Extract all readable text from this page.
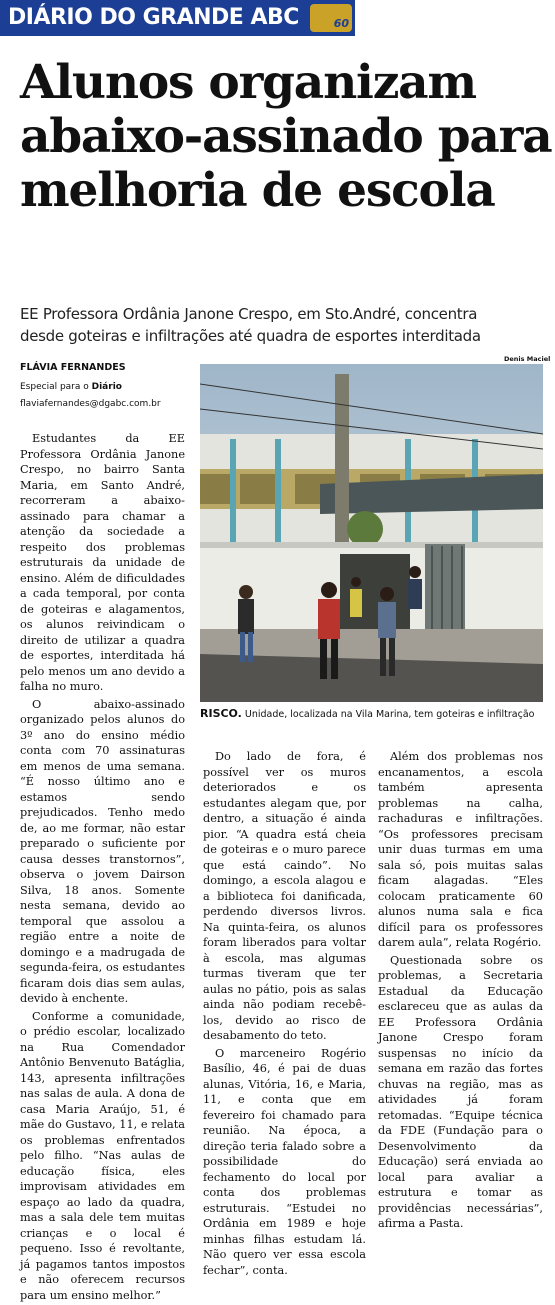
DIÁRIO DO GRANDE ABC	60
Alunos organizam
abaixo-assinado para
melhoria de escola
EE Professora Ordânia Janone Crespo, em Sto.André, concentra
desde goteiras e infiltrações até quadra de esportes interditada
FLÁVIA FERNANDES
Especial para o Diário
flaviafernandes@dgabc.com.br
Denis Maciel
RISCO. Unidade, localizada na Vila Marina, tem goteiras e infiltração

Estudantes da EE Professora Ordânia Janone Crespo, no bairro Santa Maria, em Santo André, recorreram a abaixo-assinado para chamar a atenção da sociedade a respeito dos problemas estruturais da unidade de ensino. Além de dificuldades a cada temporal, por conta de goteiras e alagamentos, os alunos reivindicam o direito de utilizar a quadra de esportes, interditada há pelo menos um ano devido a falha no muro.

O abaixo-assinado organizado pelos alunos do 3º ano do ensino médio conta com 70 assinaturas em menos de uma semana. “É nosso último ano e estamos sendo prejudicados. Tenho medo de, ao me formar, não estar preparado o suficiente por causa desses transtornos”, observa o jovem Dairson Silva, 18 anos. Somente nesta semana, devido ao temporal que assolou a região entre a noite de domingo e a madrugada de segunda-feira, os estudantes ficaram dois dias sem aulas, devido à enchente.

Conforme a comunidade, o prédio escolar, localizado na Rua Comendador Antônio Benvenuto Batáglia, 143, apresenta infiltrações nas salas de aula. A dona de casa Maria Araújo, 51, é mãe do Gustavo, 11, e relata os problemas enfrentados pelo filho. “Nas aulas de educação física, eles improvisam atividades em espaço ao lado da quadra, mas a sala dele tem muitas crianças e o local é pequeno. Isso é revoltante, já pagamos tantos impostos e não oferecem recursos para um ensino melhor.”

Do lado de fora, é possível ver os muros deteriorados e os estudantes alegam que, por dentro, a situação é ainda pior. “A quadra está cheia de goteiras e o muro parece que está caindo”. No domingo, a escola alagou e a biblioteca foi danificada, perdendo diversos livros. Na quinta-feira, os alunos foram liberados para voltar à escola, mas algumas turmas tiveram que ter aulas no pátio, pois as salas ainda não podiam recebê-los, devido ao risco de desabamento do teto.

O marceneiro Rogério Basílio, 46, é pai de duas alunas, Vitória, 16, e Maria, 11, e conta que em fevereiro foi chamado para reunião. Na época, a direção teria falado sobre a possibilidade do fechamento do local por conta dos problemas estruturais. “Estudei no Ordânia em 1989 e hoje minhas filhas estudam lá. Não quero ver essa escola fechar”, conta.

Além dos problemas nos encanamentos, a escola também apresenta problemas na calha, rachaduras e infiltrações. “Os professores precisam unir duas turmas em uma sala só, pois muitas salas ficam alagadas. “Eles colocam praticamente 60 alunos numa sala e fica difícil para os professores darem aula”, relata Rogério.

Questionada sobre os problemas, a Secretaria Estadual da Educação esclareceu que as aulas da EE Professora Ordânia Janone Crespo foram suspensas no início da semana em razão das fortes chuvas na região, mas as atividades já foram retomadas. “Equipe técnica da FDE (Fundação para o Desenvolvimento da Educação) será enviada ao local para avaliar a estrutura e tomar as providências necessárias”, afirma a Pasta.
